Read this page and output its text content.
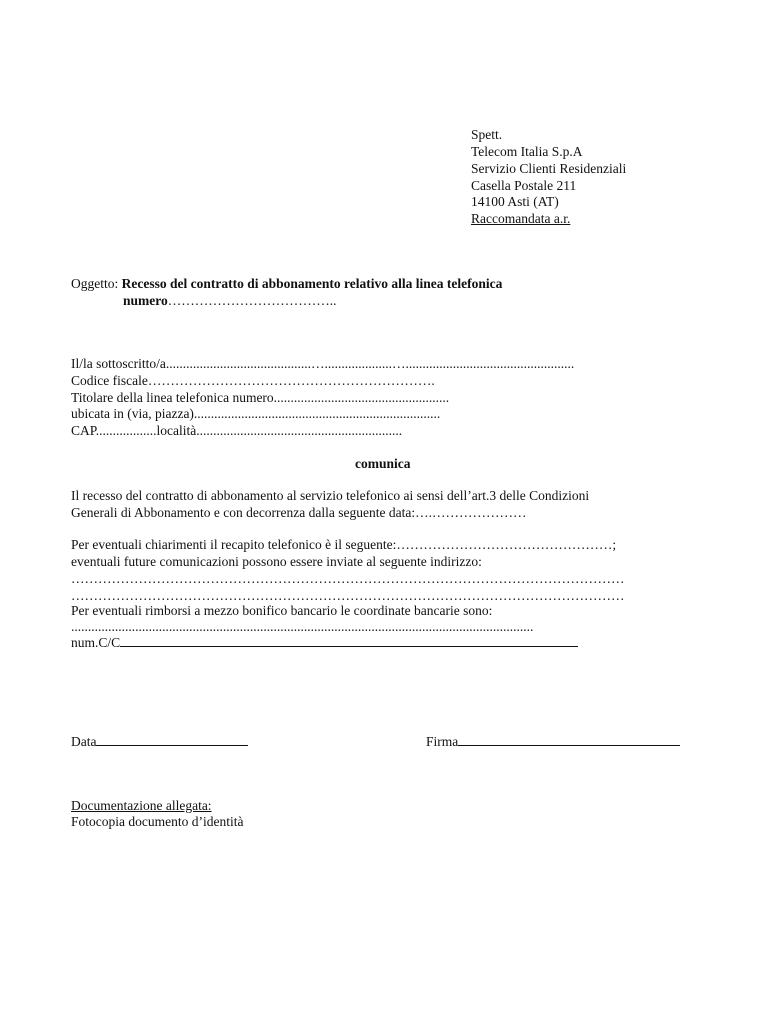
Spett.
Telecom Italia S.p.A
Servizio Clienti Residenziali
Casella Postale 211
14100 Asti (AT)
Raccomandata a.r.
Oggetto: Recesso del contratto di abbonamento relativo alla linea telefonica
numero………………………………..
Il/la sottoscritto/a...........................................…....................…..................................................
Codice fiscale……………………………………………………….
Titolare della linea telefonica numero....................................................
ubicata in (via, piazza).........................................................................
CAP..................località.............................................................
comunica
Il recesso del contratto di abbonamento al servizio telefonico ai sensi dell’art.3 delle Condizioni
Generali di Abbonamento e con decorrenza dalla seguente data:….…………………
Per eventuali chiarimenti il recapito telefonico è il seguente:…………………………………………;
eventuali future comunicazioni possono essere inviate al seguente indirizzo:
……………………………………………………………………………………………………………
……………………………………………………………………………………………………………
Per eventuali rimborsi a mezzo bonifico bancario le coordinate bancarie sono:
.........................................................................................................................................
num.C/C
Data	Firma
Documentazione allegata:
Fotocopia documento d’identità
